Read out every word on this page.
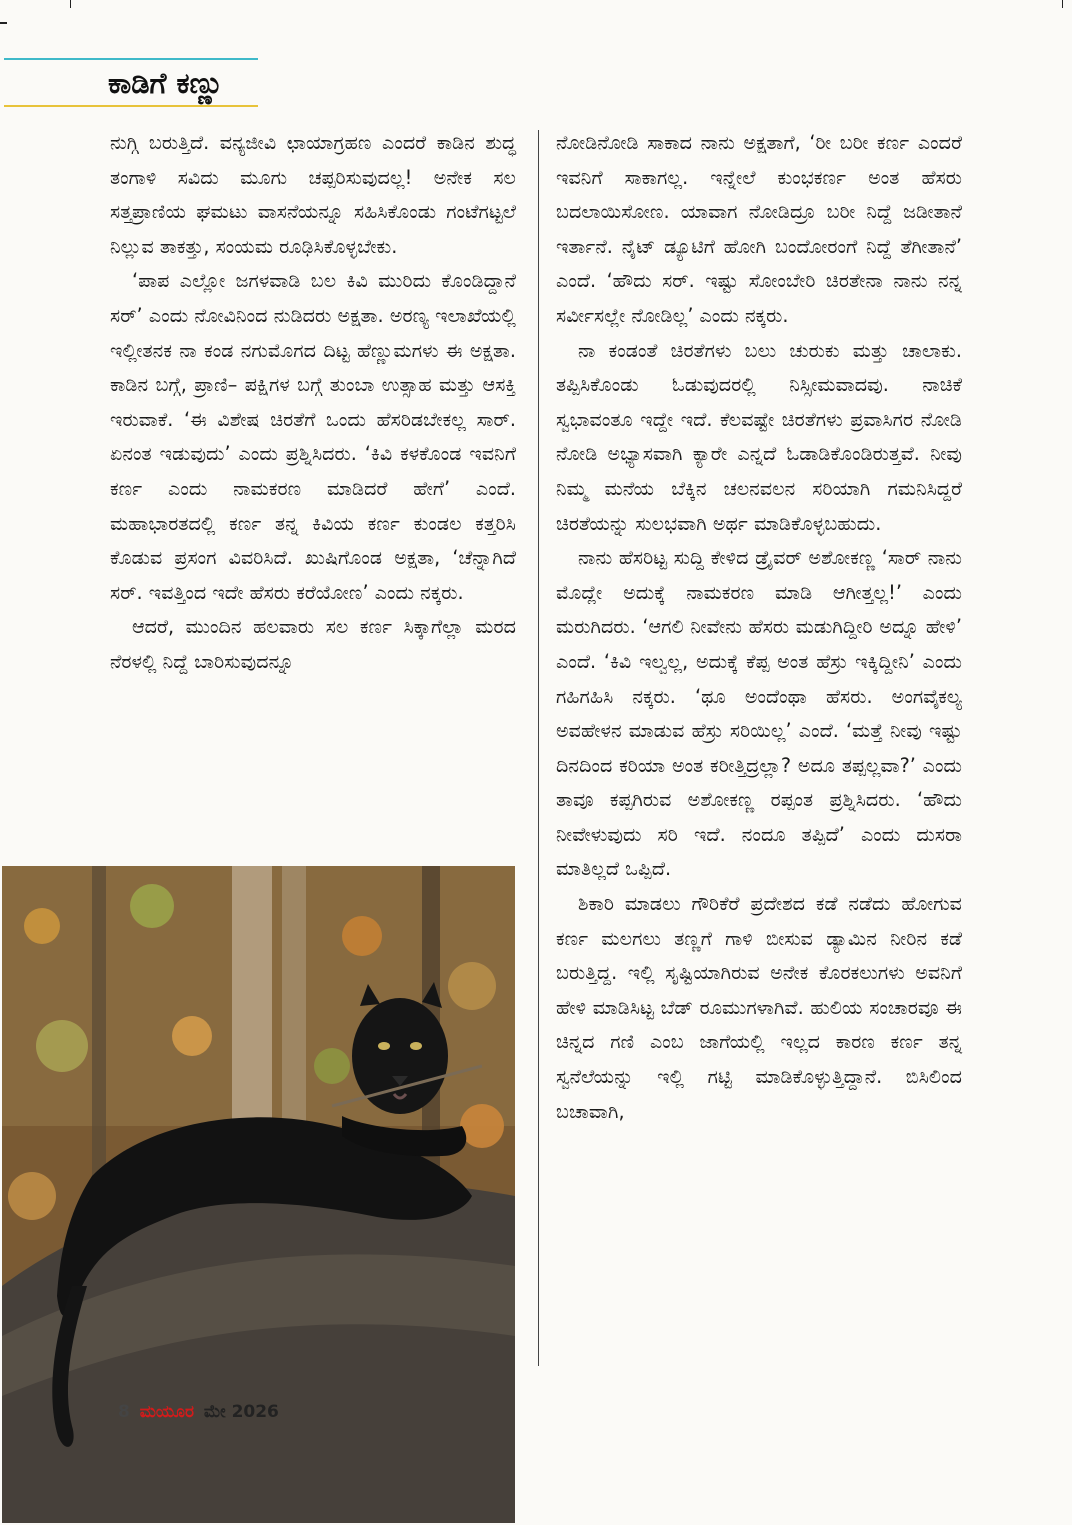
ಕಾಡಿಗೆ ಕಣ್ಣು

ನುಗ್ಗಿ ಬರುತ್ತಿದೆ. ವನ್ಯಜೀವಿ ಛಾಯಾಗ್ರಹಣ ಎಂದರೆ ಕಾಡಿನ ಶುದ್ಧ ತಂಗಾಳಿ ಸವಿದು ಮೂಗು ಚಪ್ಪರಿಸುವುದಲ್ಲ! ಅನೇಕ ಸಲ ಸತ್ತಪ್ರಾಣಿಯ ಘಮಟು ವಾಸನೆಯನ್ನೂ ಸಹಿಸಿಕೊಂಡು ಗಂಟೆಗಟ್ಟಲೆ ನಿಲ್ಲುವ ತಾಕತ್ತು, ಸಂಯಮ ರೂಢಿಸಿಕೊಳ್ಳಬೇಕು.

‘ಪಾಪ ಎಲ್ಲೋ ಜಗಳವಾಡಿ ಬಲ ಕಿವಿ ಮುರಿದು ಕೊಂಡಿದ್ದಾನೆ ಸರ್’ ಎಂದು ನೋವಿನಿಂದ ನುಡಿದರು ಅಕ್ಷತಾ. ಅರಣ್ಯ ಇಲಾಖೆಯಲ್ಲಿ ಇಲ್ಲೀತನಕ ನಾ ಕಂಡ ನಗುಮೊಗದ ದಿಟ್ಟ ಹೆಣ್ಣುಮಗಳು ಈ ಅಕ್ಷತಾ. ಕಾಡಿನ ಬಗ್ಗೆ, ಪ್ರಾಣಿ– ಪಕ್ಷಿಗಳ ಬಗ್ಗೆ ತುಂಬಾ ಉತ್ಸಾಹ ಮತ್ತು ಆಸಕ್ತಿ ಇರುವಾಕೆ. ‘ಈ ವಿಶೇಷ ಚಿರತೆಗೆ ಒಂದು ಹೆಸರಿಡಬೇಕಲ್ಲ ಸಾರ್. ಏನಂತ ಇಡುವುದು’ ಎಂದು ಪ್ರಶ್ನಿಸಿದರು. ‘ಕಿವಿ ಕಳಕೊಂಡ ಇವನಿಗೆ ಕರ್ಣ ಎಂದು ನಾಮಕರಣ ಮಾಡಿದರೆ ಹೇಗೆ’ ಎಂದೆ. ಮಹಾಭಾರತದಲ್ಲಿ ಕರ್ಣ ತನ್ನ ಕಿವಿಯ ಕರ್ಣ ಕುಂಡಲ ಕತ್ತರಿಸಿ ಕೊಡುವ ಪ್ರಸಂಗ ವಿವರಿಸಿದೆ. ಖುಷಿಗೊಂಡ ಅಕ್ಷತಾ, ‘ಚೆನ್ನಾಗಿದೆ ಸರ್. ಇವತ್ತಿಂದ ಇದೇ ಹೆಸರು ಕರೆಯೋಣ’ ಎಂದು ನಕ್ಕರು.

ಆದರೆ, ಮುಂದಿನ ಹಲವಾರು ಸಲ ಕರ್ಣ ಸಿಕ್ಕಾಗೆಲ್ಲಾ ಮರದ ನೆರಳಲ್ಲಿ ನಿದ್ದೆ ಬಾರಿಸುವುದನ್ನೂ

ನೋಡಿನೋಡಿ ಸಾಕಾದ ನಾನು ಅಕ್ಷತಾಗೆ, ‘ರೀ ಬರೀ ಕರ್ಣ ಎಂದರೆ ಇವನಿಗೆ ಸಾಕಾಗಲ್ಲ. ಇನ್ನೇಲೆ ಕುಂಭಕರ್ಣ ಅಂತ ಹೆಸರು ಬದಲಾಯಿಸೋಣ. ಯಾವಾಗ ನೋಡಿದ್ರೂ ಬರೀ ನಿದ್ದೆ ಜಡೀತಾನೆ ಇರ್ತಾನೆ. ನೈಟ್ ಡ್ಯೂಟಿಗೆ ಹೋಗಿ ಬಂದೋರಂಗೆ ನಿದ್ದೆ ತೆಗೀತಾನೆ’ ಎಂದೆ. ‘ಹೌದು ಸರ್. ಇಷ್ಟು ಸೋಂಬೇರಿ ಚಿರತೇನಾ ನಾನು ನನ್ನ ಸರ್ವೀಸಲ್ಲೇ ನೋಡಿಲ್ಲ’ ಎಂದು ನಕ್ಕರು.

ನಾ ಕಂಡಂತೆ ಚಿರತೆಗಳು ಬಲು ಚುರುಕು ಮತ್ತು ಚಾಲಾಕು. ತಪ್ಪಿಸಿಕೊಂಡು ಓಡುವುದರಲ್ಲಿ ನಿಸ್ಸೀಮವಾದವು. ನಾಚಿಕೆ ಸ್ವಭಾವಂತೂ ಇದ್ದೇ ಇದೆ. ಕೆಲವಷ್ಟೇ ಚಿರತೆಗಳು ಪ್ರವಾಸಿಗರ ನೋಡಿ ನೋಡಿ ಅಭ್ಯಾಸವಾಗಿ ಕ್ಯಾರೇ ಎನ್ನದೆ ಓಡಾಡಿಕೊಂಡಿರುತ್ತವೆ. ನೀವು ನಿಮ್ಮ ಮನೆಯ ಬೆಕ್ಕಿನ ಚಲನವಲನ ಸರಿಯಾಗಿ ಗಮನಿಸಿದ್ದರೆ ಚಿರತೆಯನ್ನು ಸುಲಭವಾಗಿ ಅರ್ಥ ಮಾಡಿಕೊಳ್ಳಬಹುದು.

ನಾನು ಹೆಸರಿಟ್ಟ ಸುದ್ದಿ ಕೇಳಿದ ಡ್ರೈವರ್ ಅಶೋಕಣ್ಣ ‘ಸಾರ್ ನಾನು ಮೊದ್ಲೇ ಅದುಕ್ಕೆ ನಾಮಕರಣ ಮಾಡಿ ಆಗೀತ್ತಲ್ಲ!’ ಎಂದು ಮರುಗಿದರು. ‘ಆಗಲಿ ನೀವೇನು ಹೆಸರು ಮಡುಗಿದ್ದೀರಿ ಅದ್ನೂ ಹೇಳಿ’ ಎಂದೆ. ‘ಕಿವಿ ಇಲ್ವಲ್ಲ, ಅದುಕ್ಕೆ ಕೆಪ್ಪ ಅಂತ ಹೆಸ್ರು ಇಕ್ಕಿದ್ದೀನಿ’ ಎಂದು ಗಹಿಗಹಿಸಿ ನಕ್ಕರು. ‘ಥೂ ಅಂದೆಂಥಾ ಹೆಸರು. ಅಂಗವೈಕಲ್ಯ ಅವಹೇಳನ ಮಾಡುವ ಹೆಸ್ರು ಸರಿಯಿಲ್ಲ’ ಎಂದೆ. ‘ಮತ್ತೆ ನೀವು ಇಷ್ಟು ದಿನದಿಂದ ಕರಿಯಾ ಅಂತ ಕರೀತ್ತಿದ್ರಲ್ಲಾ? ಅದೂ ತಪ್ಪಲ್ಲವಾ?’ ಎಂದು ತಾವೂ ಕಪ್ಪಗಿರುವ ಅಶೋಕಣ್ಣ ರಪ್ಪಂತ ಪ್ರಶ್ನಿಸಿದರು. ‘ಹೌದು ನೀವೇಳುವುದು ಸರಿ ಇದೆ. ನಂದೂ ತಪ್ಪಿದೆ’ ಎಂದು ದುಸರಾ ಮಾತಿಲ್ಲದೆ ಒಪ್ಪಿದೆ.

ಶಿಕಾರಿ ಮಾಡಲು ಗೌರಿಕೆರೆ ಪ್ರದೇಶದ ಕಡೆ ನಡೆದು ಹೋಗುವ ಕರ್ಣ ಮಲಗಲು ತಣ್ಣಗೆ ಗಾಳಿ ಬೀಸುವ ಡ್ಯಾಮಿನ ನೀರಿನ ಕಡೆ ಬರುತ್ತಿದ್ದ. ಇಲ್ಲಿ ಸೃಷ್ಟಿಯಾಗಿರುವ ಅನೇಕ ಕೊರಕಲುಗಳು ಅವನಿಗೆ ಹೇಳಿ ಮಾಡಿಸಿಟ್ಟ ಬೆಡ್ ರೂಮುಗಳಾಗಿವೆ. ಹುಲಿಯ ಸಂಚಾರವೂ ಈ ಚಿನ್ನದ ಗಣಿ ಎಂಬ ಜಾಗೆಯಲ್ಲಿ ಇಲ್ಲದ ಕಾರಣ ಕರ್ಣ ತನ್ನ ಸ್ವನೆಲೆಯನ್ನು ಇಲ್ಲಿ ಗಟ್ಟಿ ಮಾಡಿಕೊಳ್ಳುತ್ತಿದ್ದಾನೆ. ಬಿಸಿಲಿಂದ ಬಚಾವಾಗಿ,

8 ಮಯೂರ ಮೇ 2026
